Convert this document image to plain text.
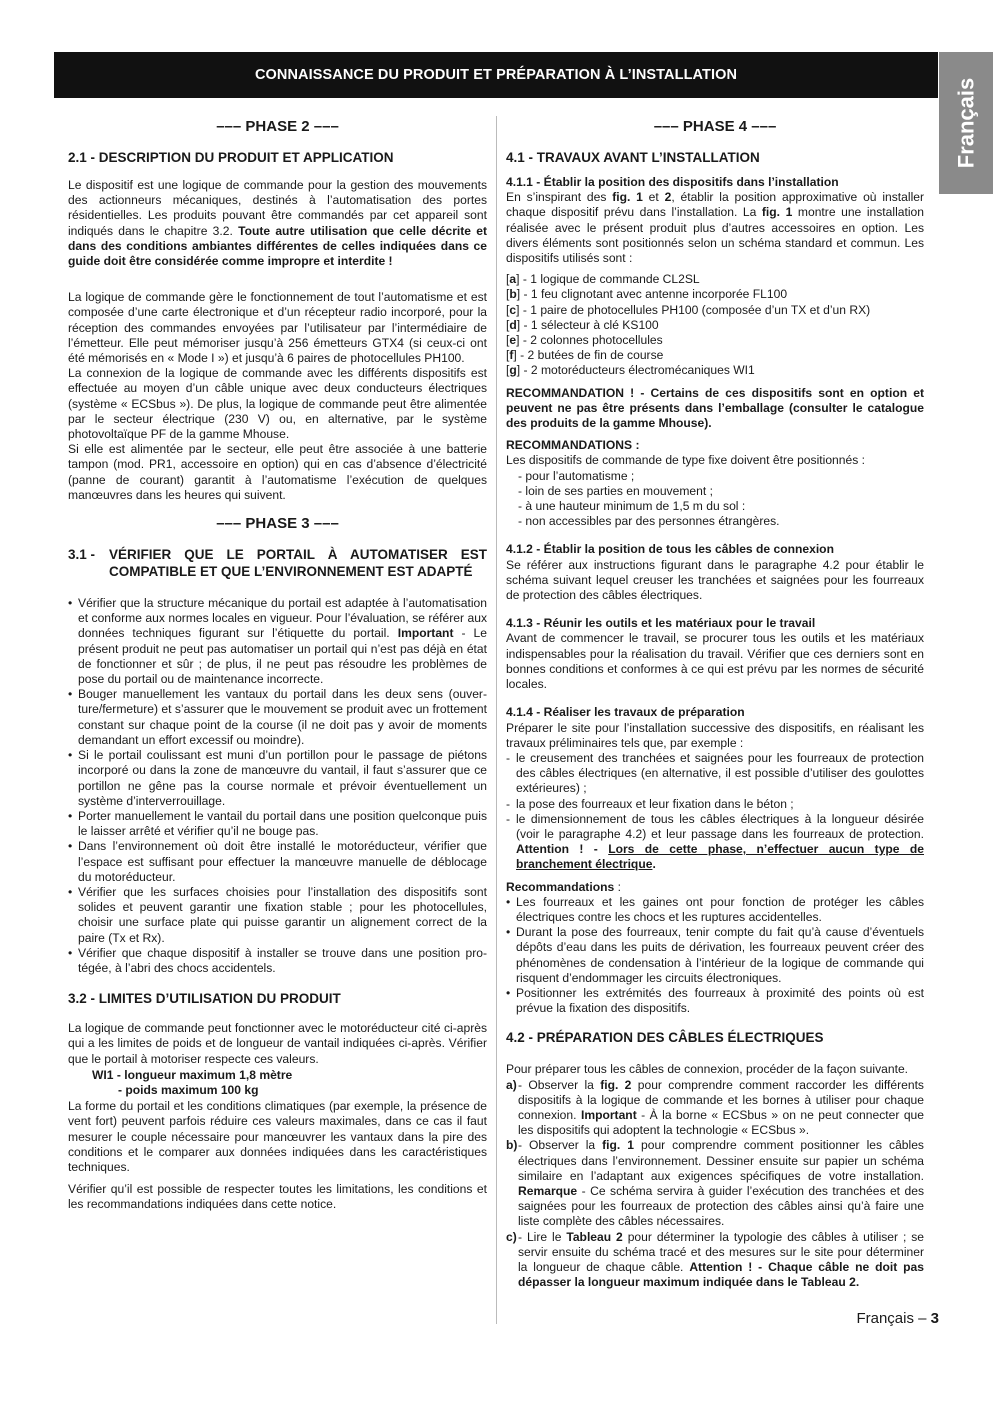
CONNAISSANCE DU PRODUIT ET PRÉPARATION À L’INSTALLATION
Français
––– PHASE 2 –––
2.1 - DESCRIPTION DU PRODUIT ET APPLICATION

Le dispositif est une logique de commande pour la gestion des mouvements des actionneurs mécaniques, destinés à l’automatisation des portes résidentielles. Les produits pouvant être commandés par cet appareil sont indiqués dans le chapitre 3.2. Toute autre utilisation que celle décrite et dans des conditions ambiantes différentes de celles indiquées dans ce guide doit être considérée comme impropre et interdite !

La logique de commande gère le fonctionnement de tout l’automatisme et est composée d’une carte électronique et d’un récepteur radio incorporé, pour la réception des commandes envoyées par l’utilisateur par l’intermédiaire de l’émetteur. Elle peut mémoriser jusqu’à 256 émetteurs GTX4 (si ceux-ci ont été mémorisés en « Mode I ») et jusqu’à 6 paires de photocellules PH100.

La connexion de la logique de commande avec les différents dispositifs est effectuée au moyen d’un câble unique avec deux conducteurs électriques (système « ECSbus »). De plus, la logique de commande peut être alimentée par le secteur électrique (230 V) ou, en alternative, par le système photovoltaïque PF de la gamme Mhouse.

Si elle est alimentée par le secteur, elle peut être associée à une batterie tampon (mod. PR1, accessoire en option) qui en cas d’absence d’électricité (panne de courant) garantit à l’automatisme l’exécution de quelques manœuvres dans les heures qui suivent.

––– PHASE 3 –––
3.1 -	VÉRIFIER QUE LE PORTAIL À AUTOMATISER EST COMPATIBLE ET QUE L’ENVIRONNEMENT EST ADAPTÉ
• Vérifier que la structure mécanique du portail est adaptée à l’automatisation et conforme aux normes locales en vigueur. Pour l’évaluation, se référer aux données techniques figurant sur l’étiquette du portail. Important - Le présent produit ne peut pas automatiser un portail qui n’est pas déjà en état de fonctionner et sûr ; de plus, il ne peut pas résoudre les problèmes de pose du portail ou de maintenance incorrecte.
• Bouger manuellement les vantaux du portail dans les deux sens (ouverture/fermeture) et s’assurer que le mouvement se produit avec un frottement constant sur chaque point de la course (il ne doit pas y avoir de moments demandant un effort excessif ou moindre).
• Si le portail coulissant est muni d’un portillon pour le passage de piétons incorporé ou dans la zone de manœuvre du vantail, il faut s’assurer que ce portillon ne gêne pas la course normale et prévoir éventuellement un système d’interverrouillage.
• Porter manuellement le vantail du portail dans une position quelconque puis le laisser arrêté et vérifier qu’il ne bouge pas.
• Dans l’environnement où doit être installé le motoréducteur, vérifier que l’espace est suffisant pour effectuer la manœuvre manuelle de déblocage du motoréducteur.
• Vérifier que les surfaces choisies pour l’installation des dispositifs sont solides et peuvent garantir une fixation stable ; pour les photocellules, choisir une surface plate qui puisse garantir un alignement correct de la paire (Tx et Rx).
• Vérifier que chaque dispositif à installer se trouve dans une position protégée, à l’abri des chocs accidentels.
3.2 - LIMITES D’UTILISATION DU PRODUIT

La logique de commande peut fonctionner avec le motoréducteur cité ci-après qui a les limites de poids et de longueur de vantail indiquées ci-après. Vérifier que le portail à motoriser respecte ces valeurs.

WI1 - longueur maximum 1,8 mètre
- poids maximum 100 kg

La forme du portail et les conditions climatiques (par exemple, la présence de vent fort) peuvent parfois réduire ces valeurs maximales, dans ce cas il faut mesurer le couple nécessaire pour manœuvrer les vantaux dans la pire des conditions et le comparer aux données indiquées dans les caractéristiques techniques.

Vérifier qu’il est possible de respecter toutes les limitations, les conditions et les recommandations indiquées dans cette notice.

––– PHASE 4 –––
4.1 - TRAVAUX AVANT L’INSTALLATION
4.1.1 - Établir la position des dispositifs dans l’installation

En s’inspirant des fig. 1 et 2, établir la position approximative où installer chaque dispositif prévu dans l’installation. La fig. 1 montre une installation réalisée avec le présent produit plus d’autres accessoires en option. Les divers éléments sont positionnés selon un schéma standard et commun. Les dispositifs utilisés sont :

[a] - 1 logique de commande CL2SL
[b] - 1 feu clignotant avec antenne incorporée FL100
[c] - 1 paire de photocellules PH100 (composée d’un TX et d’un RX)
[d] - 1 sélecteur à clé KS100
[e] - 2 colonnes photocellules
[f] - 2 butées de fin de course
[g] - 2 motoréducteurs électromécaniques WI1

RECOMMANDATION ! - Certains de ces dispositifs sont en option et peuvent ne pas être présents dans l’emballage (consulter le catalogue des produits de la gamme Mhouse).

RECOMMANDATIONS :

Les dispositifs de commande de type fixe doivent être positionnés :

- pour l’automatisme ;
- loin de ses parties en mouvement ;
- à une hauteur minimum de 1,5 m du sol :
- non accessibles par des personnes étrangères.
4.1.2 - Établir la position de tous les câbles de connexion

Se référer aux instructions figurant dans le paragraphe 4.2 pour établir le schéma suivant lequel creuser les tranchées et saignées pour les fourreaux de protection des câbles électriques.

4.1.3 - Réunir les outils et les matériaux pour le travail

Avant de commencer le travail, se procurer tous les outils et les matériaux indispensables pour la réalisation du travail. Vérifier que ces derniers sont en bonnes conditions et conformes à ce qui est prévu par les normes de sécurité locales.

4.1.4 - Réaliser les travaux de préparation

Préparer le site pour l’installation successive des dispositifs, en réalisant les travaux préliminaires tels que, par exemple :

- le creusement des tranchées et saignées pour les fourreaux de protection des câbles électriques (en alternative, il est possible d’utiliser des goulottes extérieures) ;
- la pose des fourreaux et leur fixation dans le béton ;
- le dimensionnement de tous les câbles électriques à la longueur désirée (voir le paragraphe 4.2) et leur passage dans les fourreaux de protection. Attention ! - Lors de cette phase, n’effectuer aucun type de branchement électrique.
Recommandations :
• Les fourreaux et les gaines ont pour fonction de protéger les câbles électriques contre les chocs et les ruptures accidentelles.
• Durant la pose des fourreaux, tenir compte du fait qu’à cause d’éventuels dépôts d’eau dans les puits de dérivation, les fourreaux peuvent créer des phénomènes de condensation à l’intérieur de la logique de commande qui risquent d’endommager les circuits électroniques.
• Positionner les extrémités des fourreaux à proximité des points où est prévue la fixation des dispositifs.
4.2 - PRÉPARATION DES CÂBLES ÉLECTRIQUES

Pour préparer tous les câbles de connexion, procéder de la façon suivante.

a) - Observer la fig. 2 pour comprendre comment raccorder les différents dispositifs à la logique de commande et les bornes à utiliser pour chaque connexion. Important - À la borne « ECSbus » on ne peut connecter que les dispositifs qui adoptent la technologie « ECSbus ».
b) - Observer la fig. 1 pour comprendre comment positionner les câbles électriques dans l’environnement. Dessiner ensuite sur papier un schéma similaire en l’adaptant aux exigences spécifiques de votre installation. Remarque - Ce schéma servira à guider l’exécution des tranchées et des saignées pour les fourreaux de protection des câbles ainsi qu’à faire une liste complète des câbles nécessaires.
c) - Lire le Tableau 2 pour déterminer la typologie des câbles à utiliser ; se servir ensuite du schéma tracé et des mesures sur le site pour déterminer la longueur de chaque câble. Attention ! - Chaque câble ne doit pas dépasser la longueur maximum indiquée dans le Tableau 2.
Français – 3
